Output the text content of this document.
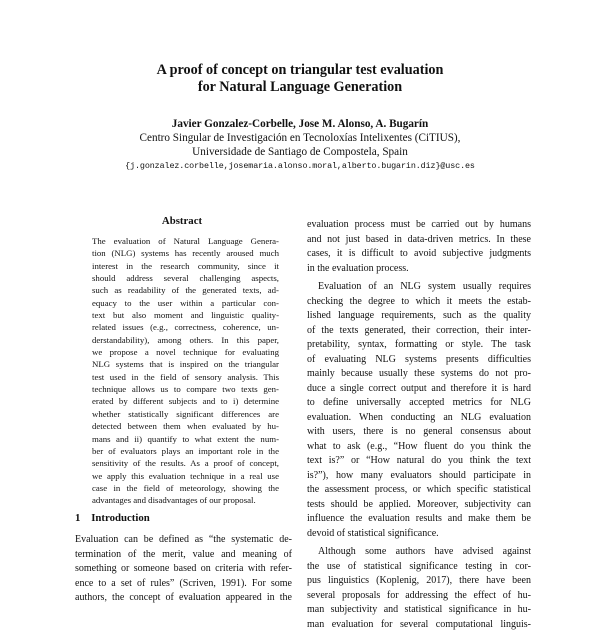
A proof of concept on triangular test evaluation
for Natural Language Generation
Javier Gonzalez-Corbelle, Jose M. Alonso, A. Bugarín
Centro Singular de Investigación en Tecnoloxías Intelixentes (CiTIUS),
Universidade de Santiago de Compostela, Spain
{j.gonzalez.corbelle,josemaria.alonso.moral,alberto.bugarin.diz}@usc.es
Abstract
The evaluation of Natural Language Genera-
tion (NLG) systems has recently aroused much
interest in the research community, since it
should address several challenging aspects,
such as readability of the generated texts, ad-
equacy to the user within a particular con-
text but also moment and linguistic quality-
related issues (e.g., correctness, coherence, un-
derstandability), among others. In this paper,
we propose a novel technique for evaluating
NLG systems that is inspired on the triangular
test used in the field of sensory analysis. This
technique allows us to compare two texts gen-
erated by different subjects and to i) determine
whether statistically significant differences are
detected between them when evaluated by hu-
mans and ii) quantify to what extent the num-
ber of evaluators plays an important role in the
sensitivity of the results. As a proof of concept,
we apply this evaluation technique in a real use
case in the field of meteorology, showing the
advantages and disadvantages of our proposal.
1 Introduction
Evaluation can be defined as “the systematic de-
termination of the merit, value and meaning of
something or someone based on criteria with refer-
ence to a set of rules” (Scriven, 1991). For some
authors, the concept of evaluation appeared in the
evaluation process must be carried out by humans
and not just based in data-driven metrics. In these
cases, it is difficult to avoid subjective judgments
in the evaluation process.
Evaluation of an NLG system usually requires
checking the degree to which it meets the estab-
lished language requirements, such as the quality
of the texts generated, their correction, their inter-
pretability, syntax, formatting or style. The task
of evaluating NLG systems presents difficulties
mainly because usually these systems do not pro-
duce a single correct output and therefore it is hard
to define universally accepted metrics for NLG
evaluation. When conducting an NLG evaluation
with users, there is no general consensus about
what to ask (e.g., “How fluent do you think the
text is?” or “How natural do you think the text
is?”), how many evaluators should participate in
the assessment process, or which specific statistical
tests should be applied. Moreover, subjectivity can
influence the evaluation results and make them be
devoid of statistical significance.
Although some authors have advised against
the use of statistical significance testing in cor-
pus linguistics (Koplenig, 2017), there have been
several proposals for addressing the effect of hu-
man subjectivity and statistical significance in hu-
man evaluation for several computational linguis-
